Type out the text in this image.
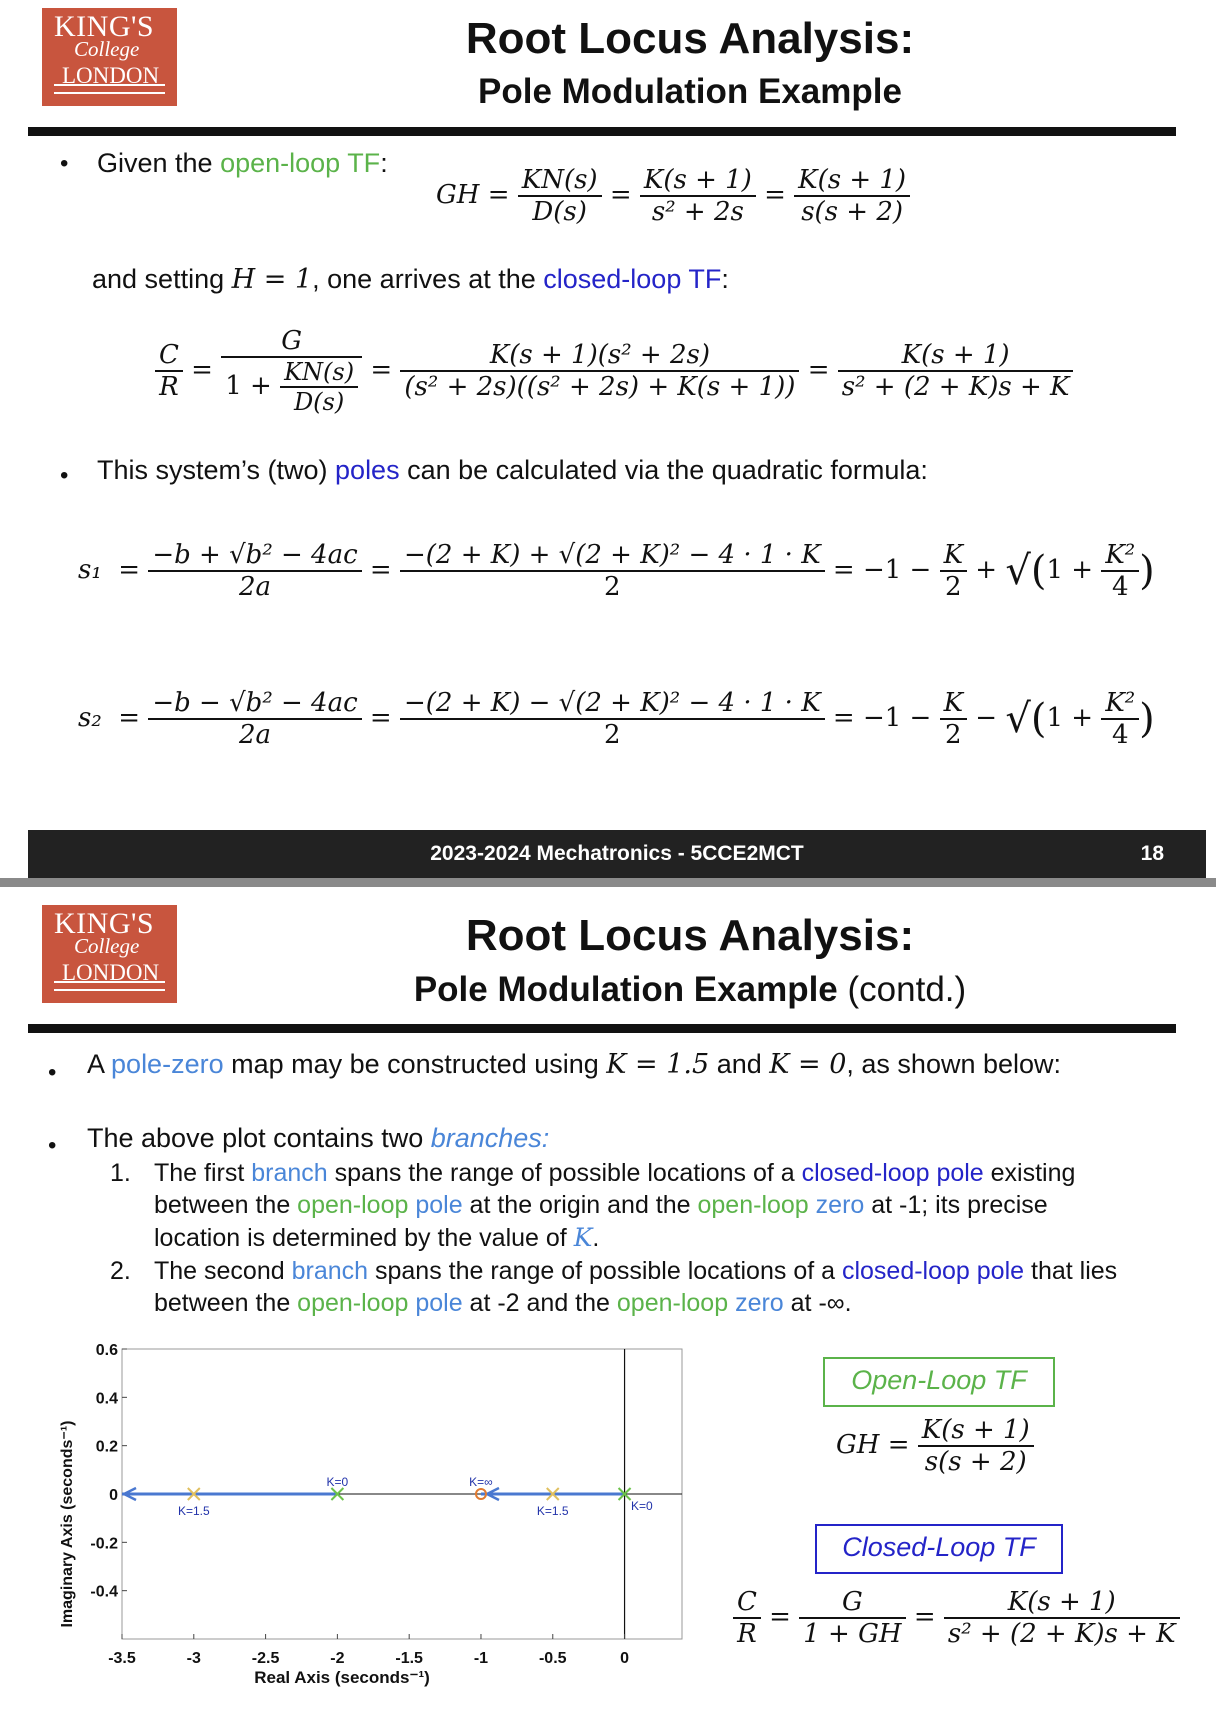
KING'S
College
LONDON
Root Locus Analysis:
Pole Modulation Example
• Given the open-loop TF:
GH = $\frac{KN(s)}{D(s)} = \frac{K(s + 1)}{\text{s² + 2s}} = \frac{K(s + 1)}{s(s + 2)}$
and setting H = 1, one arrives at the closed-loop TF:
$\frac{C}{R} = \frac{G}{1 + \frac{KN(s)}{D(s)}} = \frac{\text{K(s + 1)(s² + 2s)}}{\text{(s² + 2s)((s² + 2s) + K(s + 1))}} = \frac{K(s + 1)}{\text{s² + (2 + K)s + K}}$
• This system’s (two) poles can be calculated via the quadratic formula:
$s_1 = \frac{\text{−b + √b² − 4ac}}{2a} = \frac{\text{−(2 + K) + √(2 + K)² − 4 · 1 · K}}{2} = -1 - \frac{K}{2} + √(1 + \frac{\text{K²}}{4}$ )
$s_2 = \frac{\text{−b − √b² − 4ac}}{2a} = \frac{\text{−(2 + K) − √(2 + K)² − 4 · 1 · K}}{2} = -1 - \frac{K}{2} - √(1 + \frac{\text{K²}}{4}$ )
2023-2024 Mechatronics - 5CCE2MCT	18
KING'S
College
LONDON
Root Locus Analysis:
Pole Modulation Example (contd.)
• A pole-zero map may be constructed using K = 1.5 and K = 0, as shown below:
• The above plot contains two branches:
1. The first branch spans the range of possible locations of a closed-loop pole existing
between the open-loop pole at the origin and the open-loop zero at -1; its precise
location is determined by the value of K.
2. The second branch spans the range of possible locations of a closed-loop pole that lies
between the open-loop pole at -2 and the open-loop zero at -∞.
-3.5	-3	-2.5	-2	-1.5	-1	-0.5	0
0.6
0.4
0.2
0
-0.2
-0.4
Real Axis (seconds⁻¹)
Imaginary Axis (seconds⁻¹)	K=1.5
K=0	K=∞
K=1.5	K=0
Open-Loop TF
GH = $\frac{K(s + 1)}{s(s + 2)}$
Closed-Loop TF
$\frac{C}{R} = \frac{G}{1 + GH} = \frac{K(s + 1)}{\text{s² + (2 + K)s + K}}$
